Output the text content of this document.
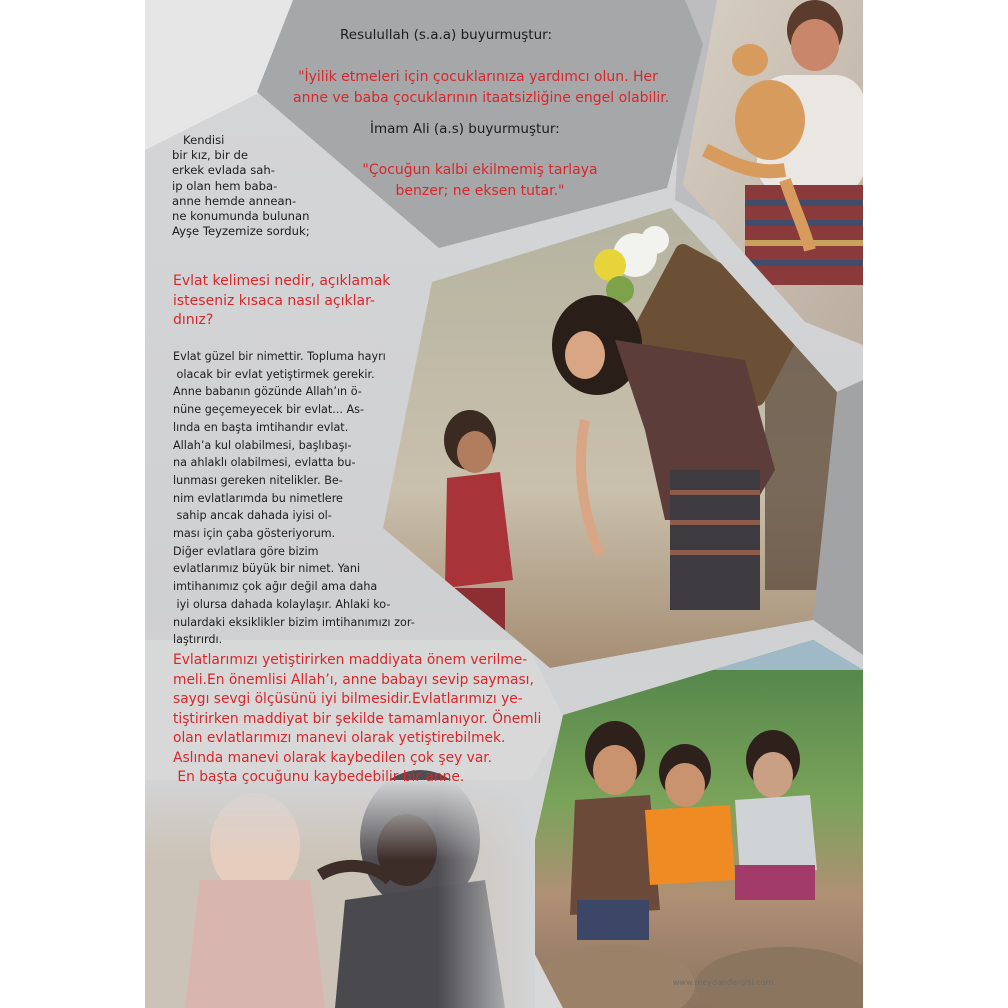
Resulullah (s.a.a) buyurmuştur:
"İyilik etmeleri için çocuklarınıza yardımcı olun. Her
anne ve baba çocuklarının itaatsizliğine engel olabilir.
İmam Ali (a.s) buyurmuştur:
"Çocuğun kalbi ekilmemiş tarlaya
benzer; ne eksen tutar."
Kendisi
bir kız, bir de
erkek evlada sah-
ip olan hem baba-
anne hemde annean-
ne konumunda bulunan
Ayşe Teyzemize sorduk;
Evlat kelimesi nedir, açıklamak
isteseniz kısaca nasıl açıklar-
dınız?
Evlat güzel bir nimettir. Topluma hayrı
olacak bir evlat yetiştirmek gerekir.
Anne babanın gözünde Allah’ın ö-
nüne geçemeyecek bir evlat... As-
lında en başta imtihandır evlat.
Allah’a kul olabilmesi, başlıbaşı-
na ahlaklı olabilmesi, evlatta bu-
lunması gereken nitelikler. Be-
nim evlatlarımda bu nimetlere
sahip ancak dahada iyisi ol-
ması için çaba gösteriyorum.
Diğer evlatlara göre bizim
evlatlarımız büyük bir nimet. Yani
imtihanımız çok ağır değil ama daha
iyi olursa dahada kolaylaşır. Ahlaki ko-
nulardaki eksiklikler bizim imtihanımızı zor-
laştırırdı.
Evlatlarımızı yetiştirirken maddiyata önem verilme-
meli.En önemlisi Allah’ı, anne babayı sevip sayması,
saygı sevgi ölçüsünü iyi bilmesidir.Evlatlarımızı ye-
tiştirirken maddiyat bir şekilde tamamlanıyor. Önemli
olan evlatlarımızı manevi olarak yetiştirebilmek.
Aslında manevi olarak kaybedilen çok şey var.
En başta çocuğunu kaybedebilir bir anne.
www.meydandergisi.com
